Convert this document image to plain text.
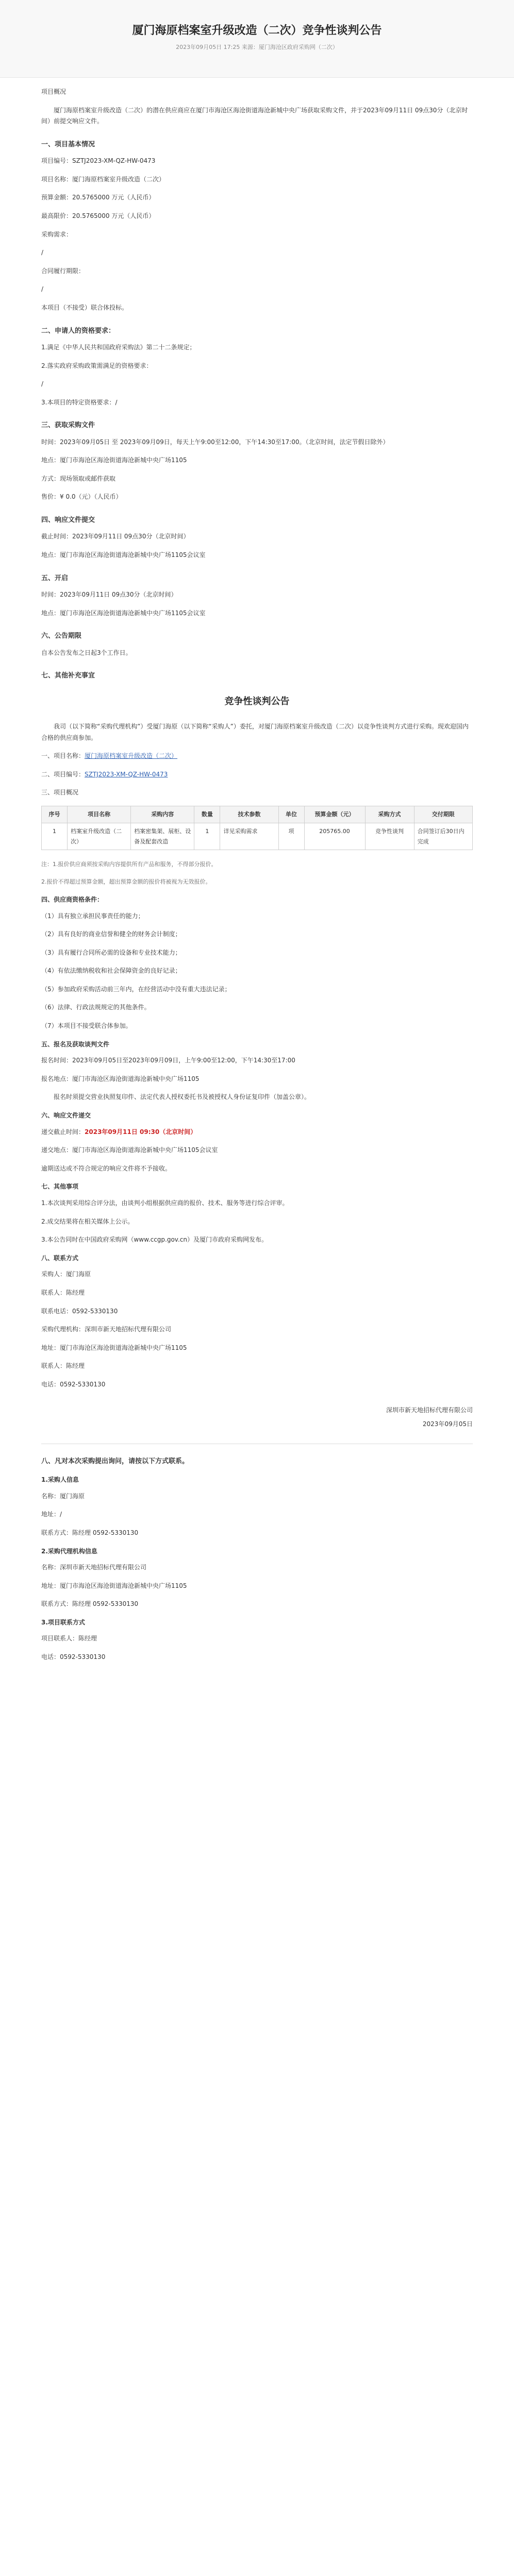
厦门海原档案室升级改造（二次）竞争性谈判公告
2023年09月05日 17:25 来源：厦门海沧区政府采购网（二次）
项目概况
厦门海原档案室升级改造（二次）的潜在供应商应在厦门市海沧区海沧街道海沧新城中央广场获取采购文件，并于2023年09月11日 09点30分（北京时间）前提交响应文件。
一、项目基本情况
项目编号：SZTJ2023-XM-QZ-HW-0473
项目名称：厦门海原档案室升级改造（二次）
预算金额：20.5765000 万元（人民币）
最高限价：20.5765000 万元（人民币）
采购需求：
/
合同履行期限：
/
本项目（不接受）联合体投标。
二、申请人的资格要求：
1.满足《中华人民共和国政府采购法》第二十二条规定；
2.落实政府采购政策需满足的资格要求：
/
3.本项目的特定资格要求：/
三、获取采购文件
时间：2023年09月05日 至 2023年09月09日，每天上午9:00至12:00，下午14:30至17:00。（北京时间，法定节假日除外）
地点：厦门市海沧区海沧街道海沧新城中央广场1105
方式：现场领取或邮件获取
售价：¥ 0.0（元）（人民币）
四、响应文件提交
截止时间：2023年09月11日 09点30分（北京时间）
地点：厦门市海沧区海沧街道海沧新城中央广场1105会议室
五、开启
时间：2023年09月11日 09点30分（北京时间）
地点：厦门市海沧区海沧街道海沧新城中央广场1105会议室
六、公告期限
自本公告发布之日起3个工作日。
七、其他补充事宜
竞争性谈判公告
我司（以下简称“采购代理机构”）受厦门海原（以下简称“采购人”）委托，对厦门海原档案室升级改造（二次）以竞争性谈判方式进行采购。现欢迎国内合格的供应商参加。
一、项目名称：厦门海原档案室升级改造（二次）
二、项目编号：SZTJ2023-XM-QZ-HW-0473
三、项目概况
序号	项目名称	采购内容	数量	技术参数	单位	预算金额（元）	采购方式	交付期限
1	档案室升级改造（二次）	档案密集架、展柜、设备及配套改造	1	详见采购需求	项	205765.00	竞争性谈判	合同签订后30日内完成
注：1.报价供应商须按采购内容提供所有产品和服务，不得部分报价。
2.报价不得超过预算金额，超出预算金额的报价将被视为无效报价。
四、供应商资格条件：
（1）具有独立承担民事责任的能力；
（2）具有良好的商业信誉和健全的财务会计制度；
（3）具有履行合同所必需的设备和专业技术能力；
（4）有依法缴纳税收和社会保障资金的良好记录；
（5）参加政府采购活动前三年内，在经营活动中没有重大违法记录；
（6）法律、行政法规规定的其他条件。
（7）本项目不接受联合体参加。
五、报名及获取谈判文件
报名时间：2023年09月05日至2023年09月09日，上午9:00至12:00，下午14:30至17:00
报名地点：厦门市海沧区海沧街道海沧新城中央广场1105
报名时须提交营业执照复印件、法定代表人授权委托书及被授权人身份证复印件（加盖公章）。
六、响应文件递交
递交截止时间：2023年09月11日 09:30（北京时间）
递交地点：厦门市海沧区海沧街道海沧新城中央广场1105会议室
逾期送达或不符合规定的响应文件将不予接收。
七、其他事项
1.本次谈判采用综合评分法，由谈判小组根据供应商的报价、技术、服务等进行综合评审。
2.成交结果将在相关媒体上公示。
3.本公告同时在中国政府采购网（www.ccgp.gov.cn）及厦门市政府采购网发布。
八、联系方式
采购人：厦门海原
联系人：陈经理
联系电话：0592-5330130
采购代理机构：深圳市新天地招标代理有限公司
地址：厦门市海沧区海沧街道海沧新城中央广场1105
联系人：陈经理
电话：0592-5330130
深圳市新天地招标代理有限公司
2023年09月05日
八、凡对本次采购提出询问，请按以下方式联系。
1.采购人信息
名称：厦门海原
地址：/
联系方式：陈经理 0592-5330130
2.采购代理机构信息
名称：深圳市新天地招标代理有限公司
地址：厦门市海沧区海沧街道海沧新城中央广场1105
联系方式：陈经理 0592-5330130
3.项目联系方式
项目联系人：陈经理
电话：0592-5330130
